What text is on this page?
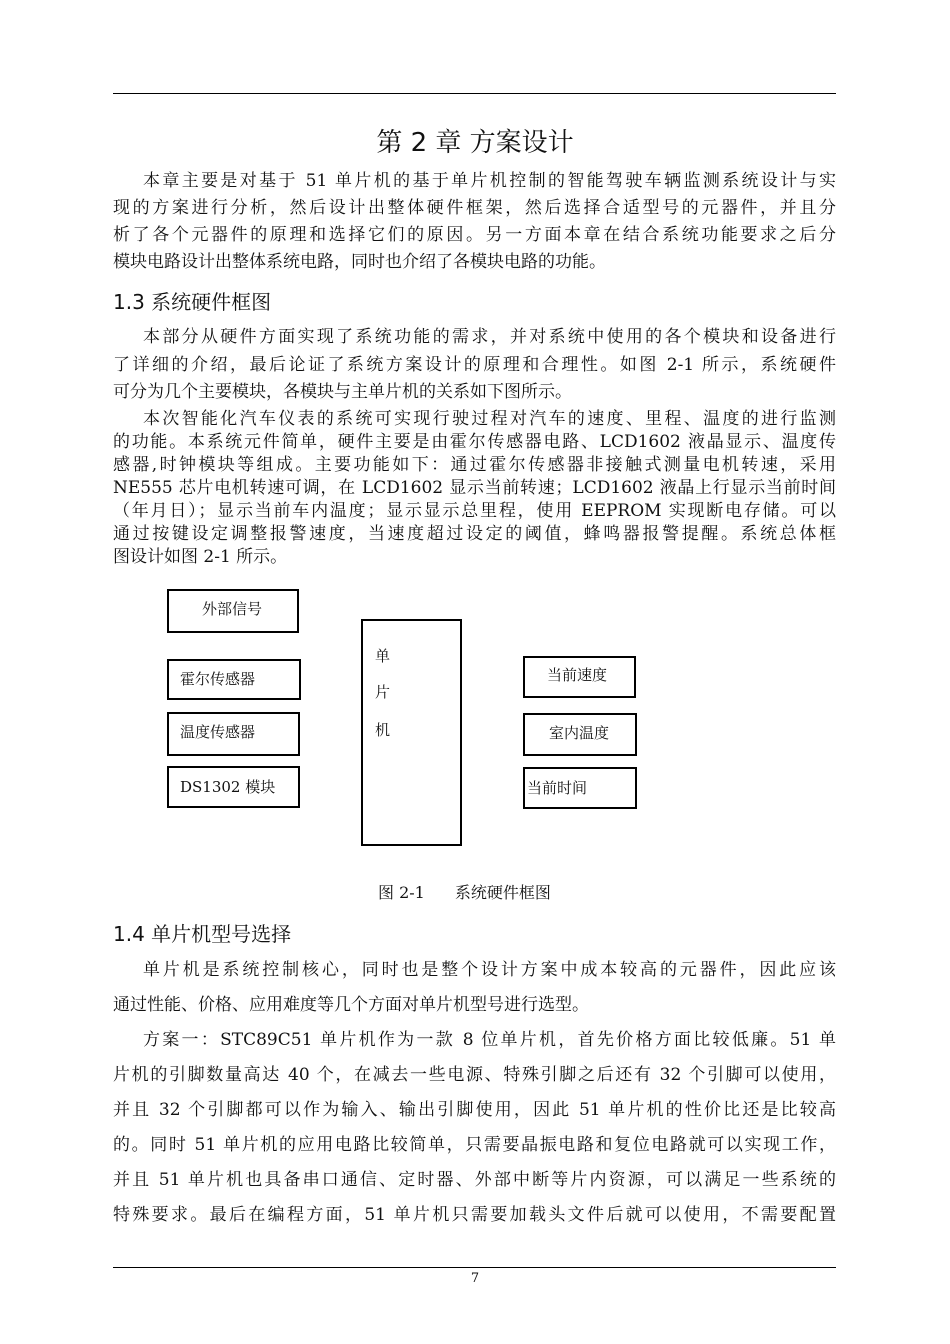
第 2 章 方案设计
本章主要是对基于 51 单片机的基于单片机控制的智能驾驶车辆监测系统设计与实
现的方案进行分析，然后设计出整体硬件框架，然后选择合适型号的元器件，并且分
析了各个元器件的原理和选择它们的原因。另一方面本章在结合系统功能要求之后分
模块电路设计出整体系统电路，同时也介绍了各模块电路的功能。
1.3 系统硬件框图
本部分从硬件方面实现了系统功能的需求，并对系统中使用的各个模块和设备进行
了详细的介绍，最后论证了系统方案设计的原理和合理性。如图 2-1 所示，系统硬件
可分为几个主要模块，各模块与主单片机的关系如下图所示。
本次智能化汽车仪表的系统可实现行驶过程对汽车的速度、里程、温度的进行监测
的功能。本系统元件简单，硬件主要是由霍尔传感器电路、LCD1602 液晶显示、温度传
感器,时钟模块等组成。主要功能如下：通过霍尔传感器非接触式测量电机转速，采用
NE555 芯片电机转速可调，在 LCD1602 显示当前转速；LCD1602 液晶上行显示当前时间
（年月日）；显示当前车内温度；显示显示总里程，使用 EEPROM 实现断电存储。可以
通过按键设定调整报警速度，当速度超过设定的阈值，蜂鸣器报警提醒。系统总体框
图设计如图 2-1 所示。
外部信号
霍尔传感器
温度传感器
DS1302 模块
单
片
机
当前速度
室内温度
当前时间
图 2-1 系统硬件框图
1.4 单片机型号选择
单片机是系统控制核心，同时也是整个设计方案中成本较高的元器件，因此应该
通过性能、价格、应用难度等几个方面对单片机型号进行选型。
方案一：STC89C51 单片机作为一款 8 位单片机，首先价格方面比较低廉。51 单
片机的引脚数量高达 40 个，在减去一些电源、特殊引脚之后还有 32 个引脚可以使用，
并且 32 个引脚都可以作为输入、输出引脚使用，因此 51 单片机的性价比还是比较高
的。同时 51 单片机的应用电路比较简单，只需要晶振电路和复位电路就可以实现工作，
并且 51 单片机也具备串口通信、定时器、外部中断等片内资源，可以满足一些系统的
特殊要求。最后在编程方面，51 单片机只需要加载头文件后就可以使用，不需要配置
7
